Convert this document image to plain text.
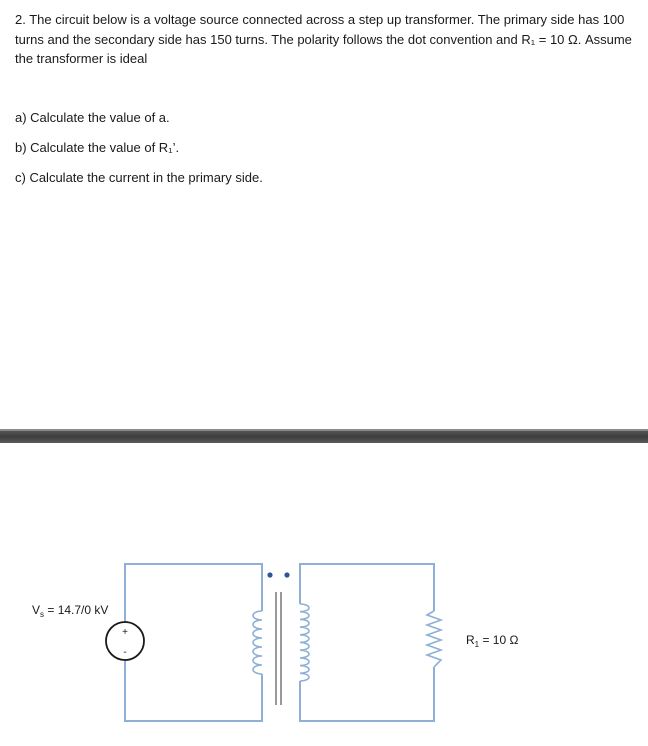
2. The circuit below is a voltage source connected across a step up transformer. The primary side has 100 turns and the secondary side has 150 turns. The polarity follows the dot convention and R₁ = 10 Ω. Assume the transformer is ideal

a) Calculate the value of a.

b) Calculate the value of R₁’.

c) Calculate the current in the primary side.

+
-

$V_s = 14.7/0$ kV

$R_1 = 10$ Ω
